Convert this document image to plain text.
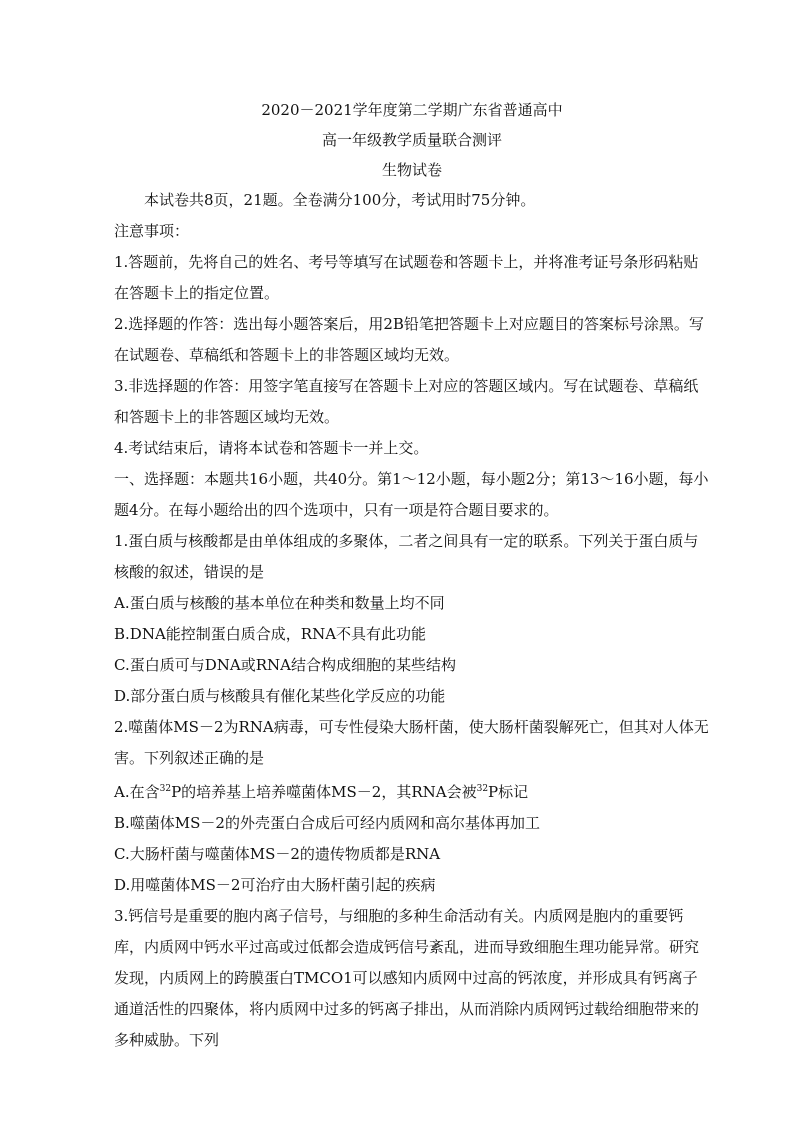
2020－2021学年度第二学期广东省普通高中
高一年级教学质量联合测评
生物试卷
本试卷共8页，21题。全卷满分100分，考试用时75分钟。
注意事项：
1.答题前，先将自己的姓名、考号等填写在试题卷和答题卡上，并将准考证号条形码粘贴在答题卡上的指定位置。
2.选择题的作答：选出每小题答案后，用2B铅笔把答题卡上对应题目的答案标号涂黑。写在试题卷、草稿纸和答题卡上的非答题区域均无效。
3.非选择题的作答：用签字笔直接写在答题卡上对应的答题区域内。写在试题卷、草稿纸和答题卡上的非答题区域均无效。
4.考试结束后，请将本试卷和答题卡一并上交。
一、选择题：本题共16小题，共40分。第1～12小题，每小题2分；第13～16小题，每小题4分。在每小题给出的四个选项中，只有一项是符合题目要求的。
1.蛋白质与核酸都是由单体组成的多聚体，二者之间具有一定的联系。下列关于蛋白质与核酸的叙述，错误的是
A.蛋白质与核酸的基本单位在种类和数量上均不同
B.DNA能控制蛋白质合成，RNA不具有此功能
C.蛋白质可与DNA或RNA结合构成细胞的某些结构
D.部分蛋白质与核酸具有催化某些化学反应的功能
2.噬菌体MS－2为RNA病毒，可专性侵染大肠杆菌，使大肠杆菌裂解死亡，但其对人体无害。下列叙述正确的是
A.在含$^{32}$P的培养基上培养噬菌体MS－2，其RNA会被$^{32}$P标记
B.噬菌体MS－2的外壳蛋白合成后可经内质网和高尔基体再加工
C.大肠杆菌与噬菌体MS－2的遗传物质都是RNA
D.用噬菌体MS－2可治疗由大肠杆菌引起的疾病
3.钙信号是重要的胞内离子信号，与细胞的多种生命活动有关。内质网是胞内的重要钙库，内质网中钙水平过高或过低都会造成钙信号紊乱，进而导致细胞生理功能异常。研究发现，内质网上的跨膜蛋白TMCO1可以感知内质网中过高的钙浓度，并形成具有钙离子通道活性的四聚体，将内质网中过多的钙离子排出，从而消除内质网钙过载给细胞带来的多种威胁。下列
